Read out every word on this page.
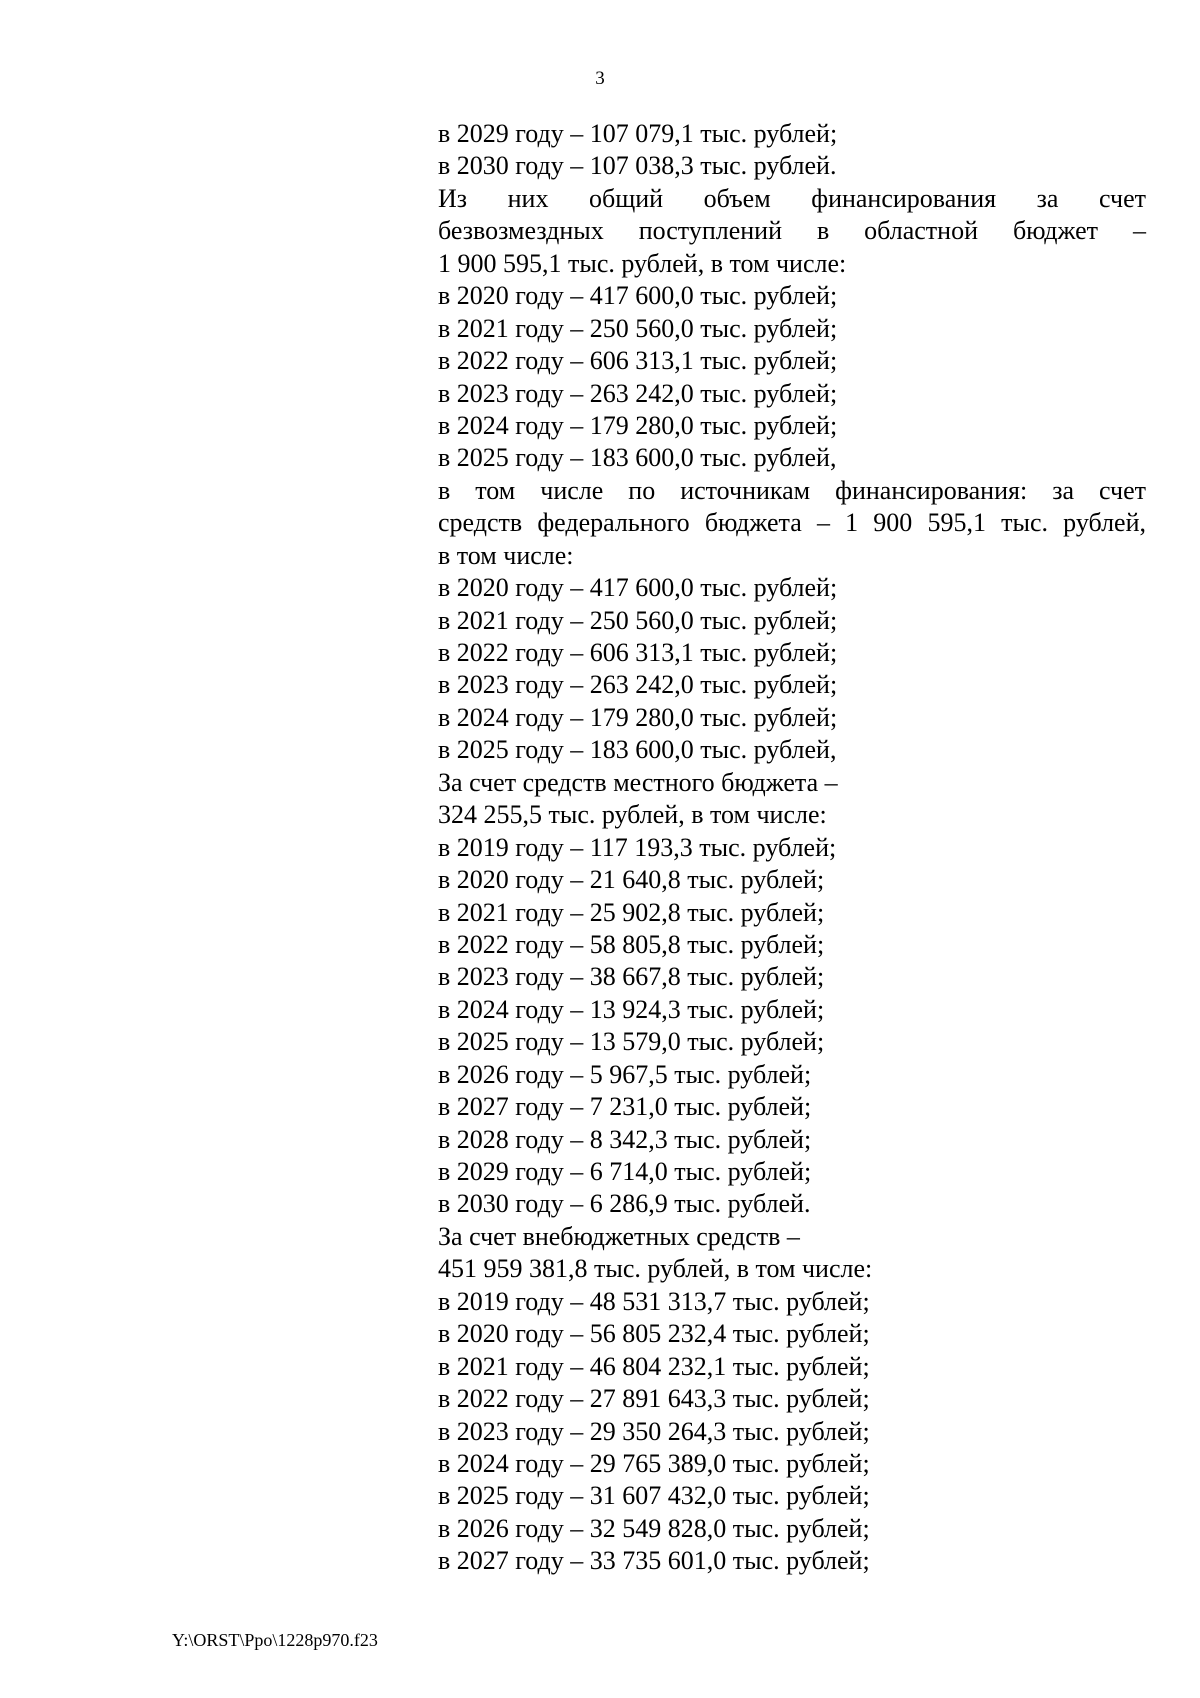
3
в 2029 году – 107 079,1 тыс. рублей;
в 2030 году – 107 038,3 тыс. рублей.
Из них общий объем финансирования за счет
безвозмездных поступлений в областной бюджет –
1 900 595,1 тыс. рублей, в том числе:
в 2020 году – 417 600,0 тыс. рублей;
в 2021 году – 250 560,0 тыс. рублей;
в 2022 году – 606 313,1 тыс. рублей;
в 2023 году – 263 242,0 тыс. рублей;
в 2024 году – 179 280,0 тыс. рублей;
в 2025 году – 183 600,0 тыс. рублей,
в том числе по источникам финансирования: за счет
средств федерального бюджета – 1 900 595,1 тыс. рублей,
в том числе:
в 2020 году – 417 600,0 тыс. рублей;
в 2021 году – 250 560,0 тыс. рублей;
в 2022 году – 606 313,1 тыс. рублей;
в 2023 году – 263 242,0 тыс. рублей;
в 2024 году – 179 280,0 тыс. рублей;
в 2025 году – 183 600,0 тыс. рублей,
За счет средств местного бюджета –
324 255,5 тыс. рублей, в том числе:
в 2019 году – 117 193,3 тыс. рублей;
в 2020 году – 21 640,8 тыс. рублей;
в 2021 году – 25 902,8 тыс. рублей;
в 2022 году – 58 805,8 тыс. рублей;
в 2023 году – 38 667,8 тыс. рублей;
в 2024 году – 13 924,3 тыс. рублей;
в 2025 году – 13 579,0 тыс. рублей;
в 2026 году – 5 967,5 тыс. рублей;
в 2027 году – 7 231,0 тыс. рублей;
в 2028 году – 8 342,3 тыс. рублей;
в 2029 году – 6 714,0 тыс. рублей;
в 2030 году – 6 286,9 тыс. рублей.
За счет внебюджетных средств –
451 959 381,8 тыс. рублей, в том числе:
в 2019 году – 48 531 313,7 тыс. рублей;
в 2020 году – 56 805 232,4 тыс. рублей;
в 2021 году – 46 804 232,1 тыс. рублей;
в 2022 году – 27 891 643,3 тыс. рублей;
в 2023 году – 29 350 264,3 тыс. рублей;
в 2024 году – 29 765 389,0 тыс. рублей;
в 2025 году – 31 607 432,0 тыс. рублей;
в 2026 году – 32 549 828,0 тыс. рублей;
в 2027 году – 33 735 601,0 тыс. рублей;
Y:\ORST\Ppo\1228p970.f23
